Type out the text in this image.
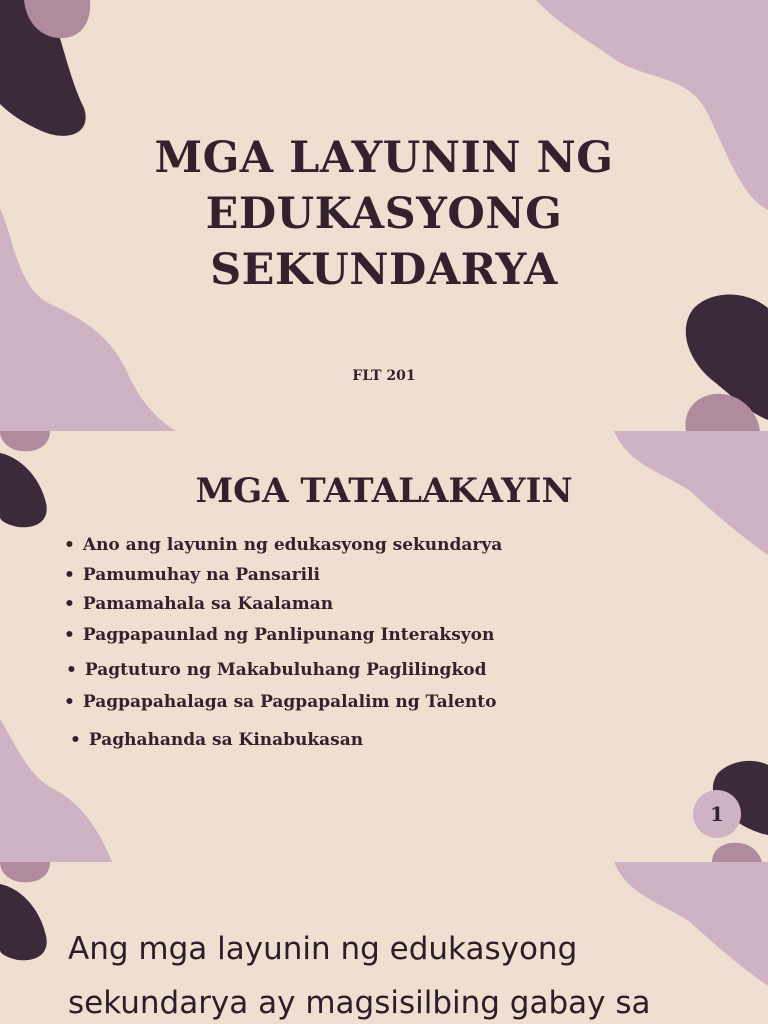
MGA LAYUNIN NG
EDUKASYONG
SEKUNDARYA
FLT 201
MGA TATALAKAYIN
• Ano ang layunin ng edukasyong sekundarya
• Pamumuhay na Pansarili
• Pamamahala sa Kaalaman
• Pagpapaunlad ng Panlipunang Interaksyon
• Pagtuturo ng Makabuluhang Paglilingkod
• Pagpapahalaga sa Pagpapalalim ng Talento
• Paghahanda sa Kinabukasan
1
Ang mga layunin ng edukasyong sekundarya ay magsisilbing gabay sa
